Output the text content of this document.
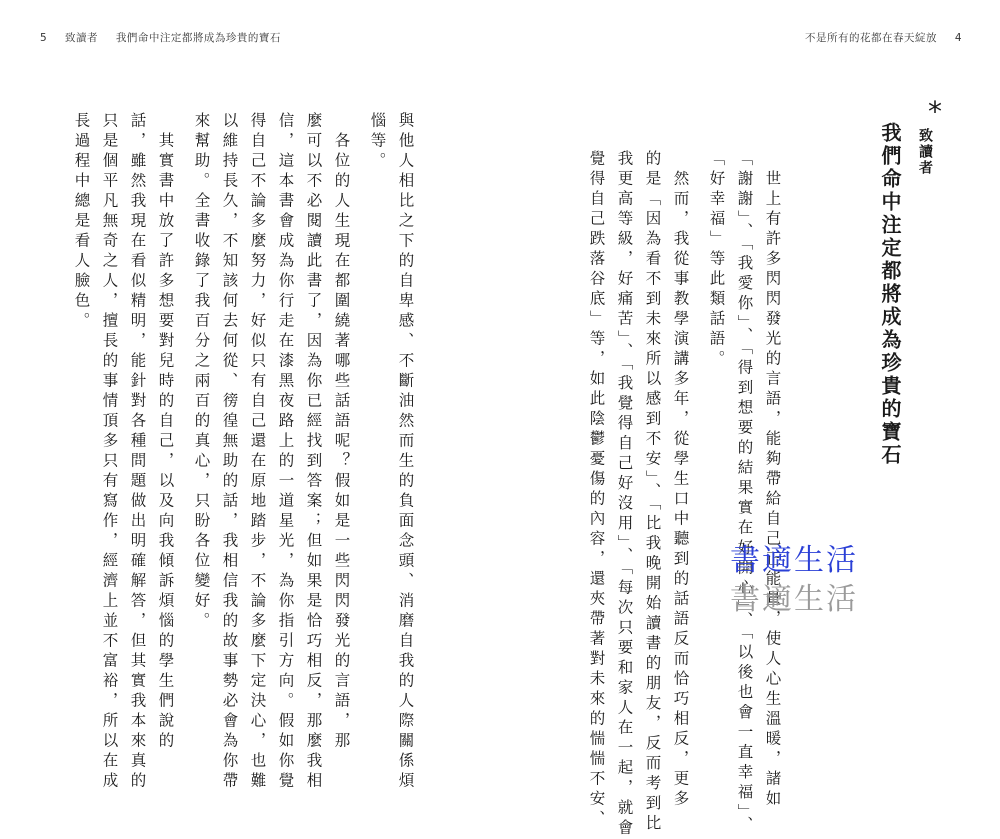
5 致讀者 我們命中注定都將成為珍貴的寶石	不是所有的花都在春天綻放 4
*
致讀者
我們命中注定都將成為珍貴的寶石
　世上有許多閃閃發光的言語，能夠帶給自己正能量，使人心生溫暖，諸如
「謝謝」、「我愛你」、「得到想要的結果實在好開心」、「以後也會一直幸福」、
「好幸福」等此類話語。
　然而，我從事教學演講多年，從學生口中聽到的話語反而恰巧相反，更多
的是「因為看不到未來所以感到不安」、「比我晚開始讀書的朋友，反而考到比
我更高等級，好痛苦」、「我覺得自己好沒用」、「每次只要和家人在一起，就會
覺得自己跌落谷底」等，如此陰鬱憂傷的內容，還夾帶著對未來的惴惴不安、
與他人相比之下的自卑感、不斷油然而生的負面念頭、消磨自我的人際關係煩
惱等。
　各位的人生現在都圍繞著哪些話語呢？假如是一些閃閃發光的言語，那
麼可以不必閱讀此書了，因為你已經找到答案；但如果是恰巧相反，那麼我相
信，這本書會成為你行走在漆黑夜路上的一道星光，為你指引方向。假如你覺
得自己不論多麼努力，好似只有自己還在原地踏步，不論多麼下定決心，也難
以維持長久，不知該何去何從、徬徨無助的話，我相信我的故事勢必會為你帶
來幫助。全書收錄了我百分之兩百的真心，只盼各位變好。
　其實書中放了許多想要對兒時的自己，以及向我傾訴煩惱的學生們說的
話，雖然我現在看似精明，能針對各種問題做出明確解答，但其實我本來真的
只是個平凡無奇之人，擅長的事情頂多只有寫作，經濟上並不富裕，所以在成
長過程中總是看人臉色。
書適生活
書適生活
